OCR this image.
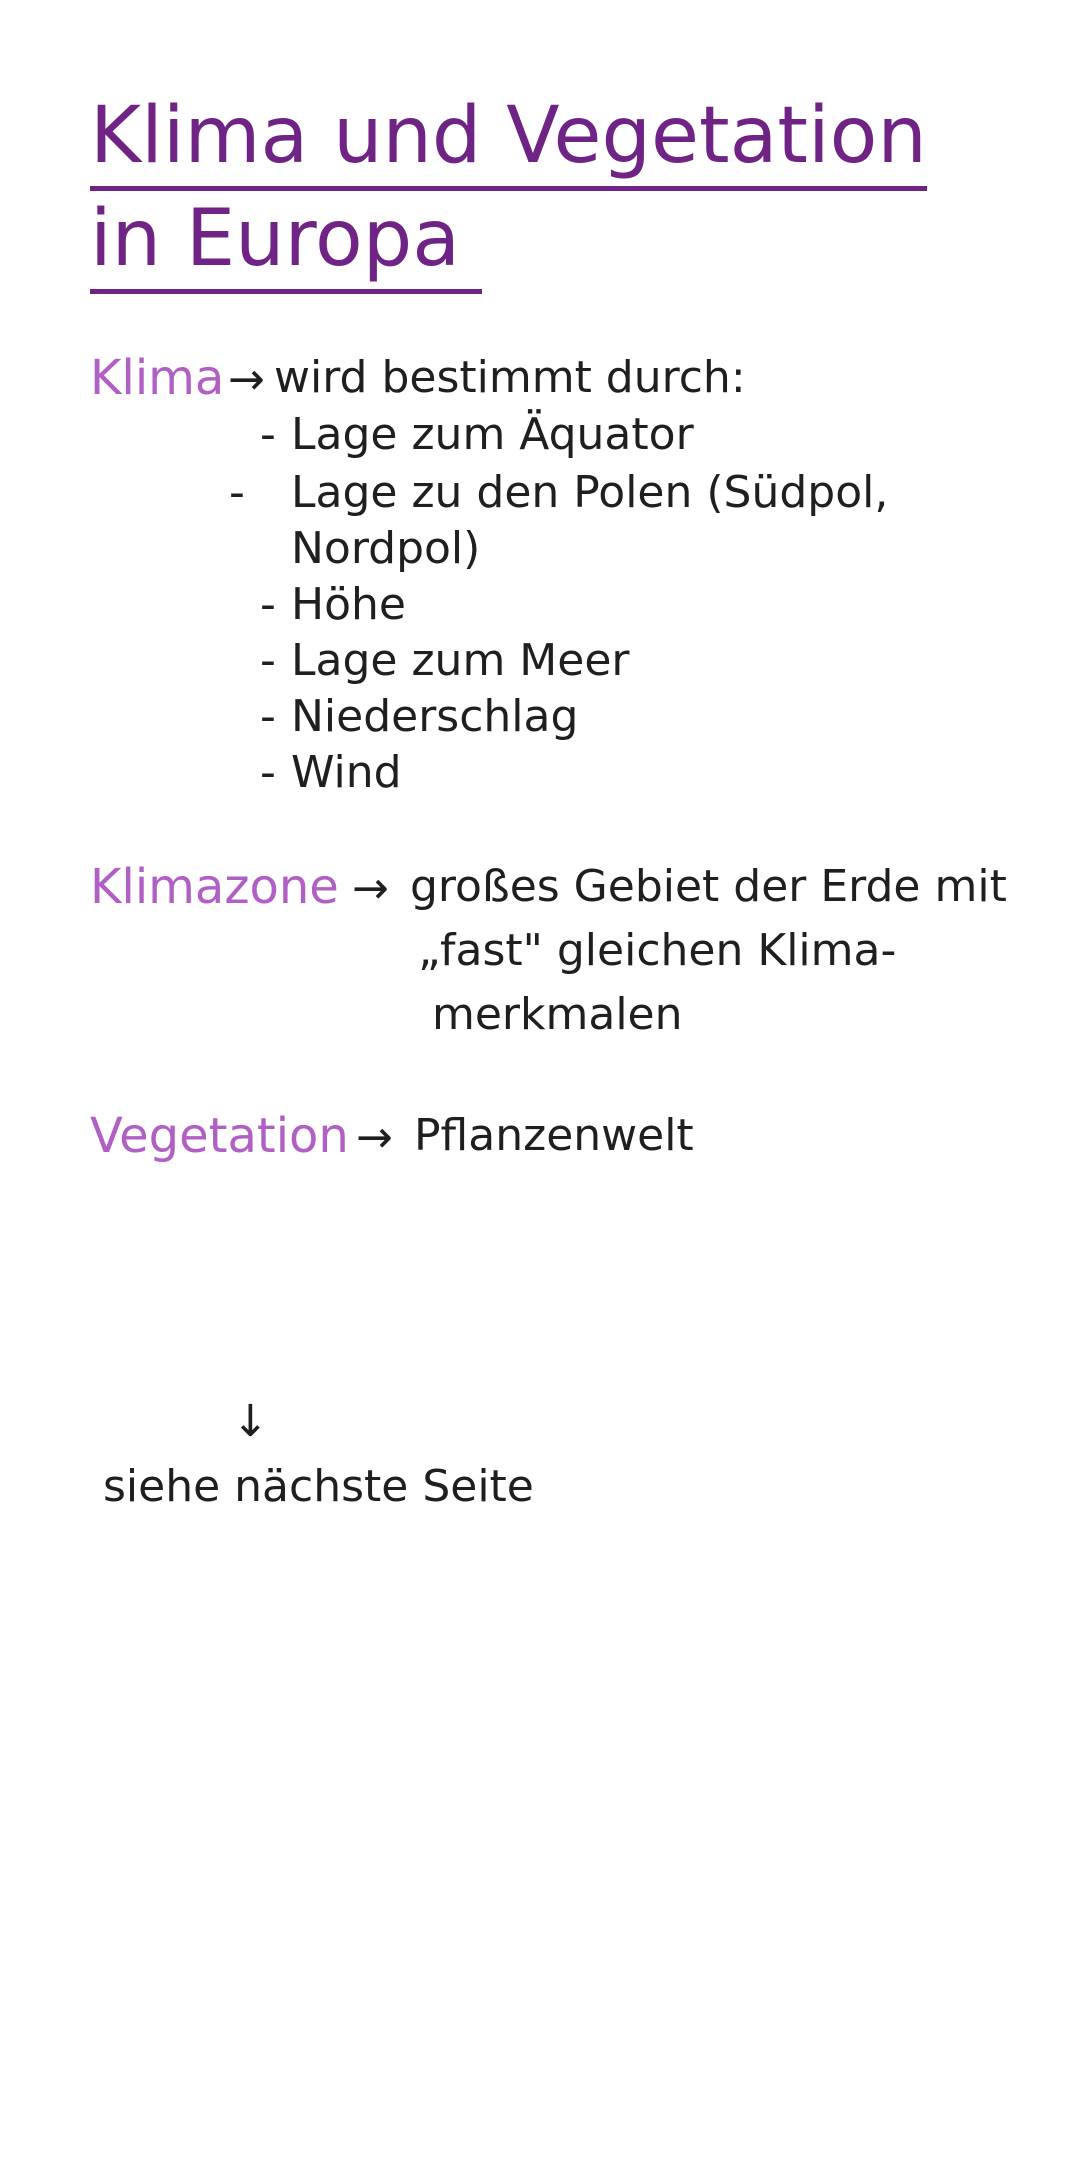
Klima und Vegetation
in Europa
Klima → wird bestimmt durch:
- Lage zum Äquator
- Lage zu den Polen (Südpol, Nordpol)
- Höhe
- Lage zum Meer
- Niederschlag
- Wind
Klimazone → großes Gebiet der Erde mit
„fast" gleichen Klima-
merkmalen
Vegetation → Pflanzenwelt
↓
siehe nächste Seite
